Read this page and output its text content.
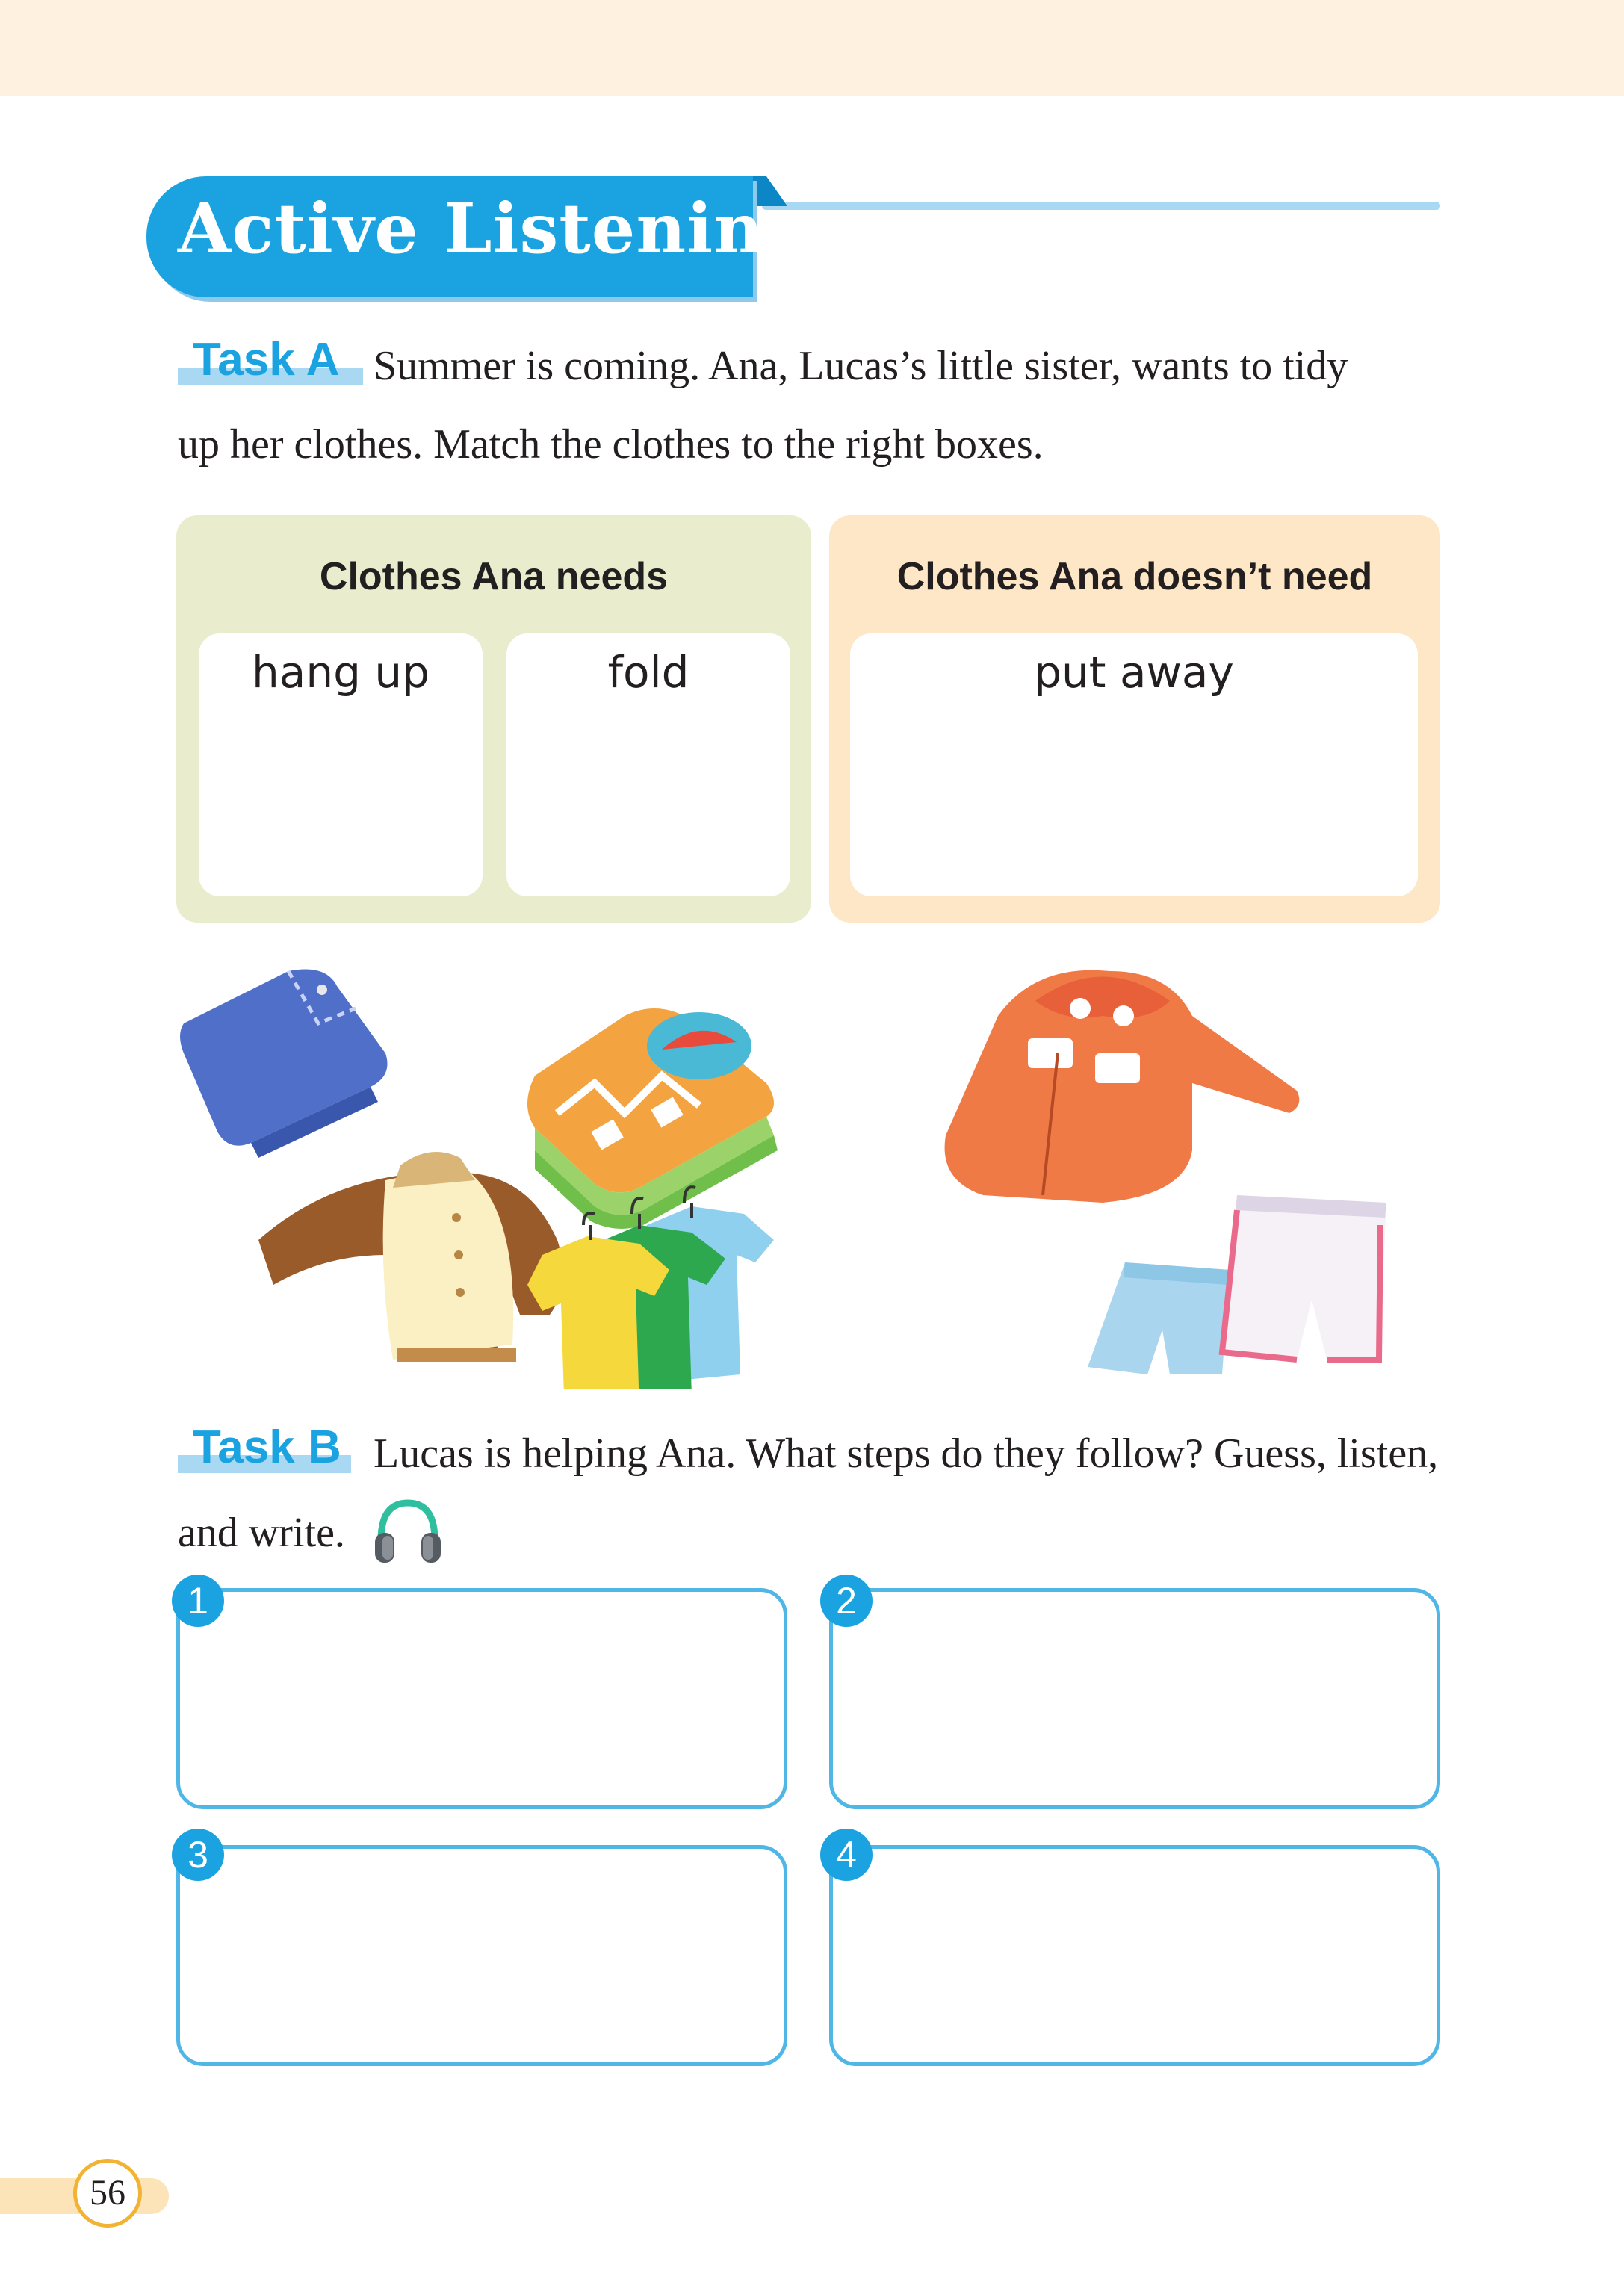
Active Listening
Task A Summer is coming. Ana, Lucas’s little sister, wants to tidy
up her clothes. Match the clothes to the right boxes.
Clothes Ana needs
hang up	fold
Clothes Ana doesn’t need
put away
Task B Lucas is helping Ana. What steps do they follow? Guess, listen,
and write.
1	2
3	4
56
